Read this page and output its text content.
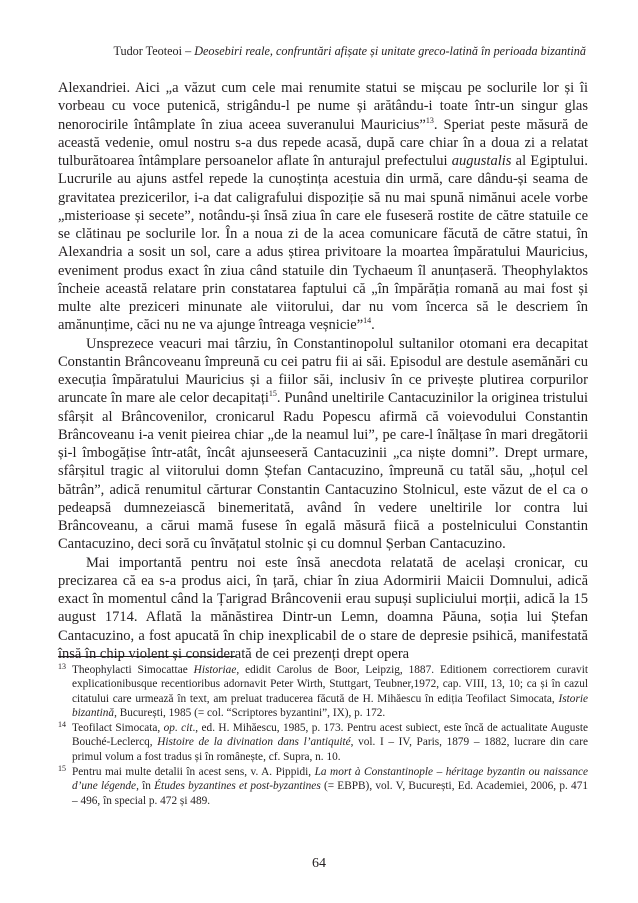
Tudor Teoteoi – Deosebiri reale, confruntări afișate și unitate greco-latină în perioada bizantină

Alexandriei. Aici „a văzut cum cele mai renumite statui se mișcau pe soclurile lor și îi vorbeau cu voce putenică, strigându-l pe nume și arătându-i toate într-un singur glas nenorocirile întâmplate în ziua aceea suveranului Mauricius”$^{13}$. Speriat peste măsură de această vedenie, omul nostru s-a dus repede acasă, după care chiar în a doua zi a relatat tulburătoarea întâmplare persoanelor aflate în anturajul prefectului augustalis al Egiptului. Lucrurile au ajuns astfel repede la cunoștința acestuia din urmă, care dându-și seama de gravitatea prezicerilor, i-a dat caligrafului dispoziție să nu mai spună nimănui acele vorbe „misterioase și secete”, notându-și însă ziua în care ele fuseseră rostite de către statuile ce se clătinau pe soclurile lor. În a noua zi de la acea comunicare făcută de către statui, în Alexandria a sosit un sol, care a adus știrea privitoare la moartea împăratului Mauricius, eveniment produs exact în ziua când statuile din Tychaeum îl anunțaseră. Theophylaktos încheie această relatare prin constatarea faptului că „în împărăția romană au mai fost și multe alte preziceri minunate ale viitorului, dar nu vom încerca să le descriem în amănunțime, căci nu ne va ajunge întreaga veșnicie”$^{14}$.

Unsprezece veacuri mai târziu, în Constantinopolul sultanilor otomani era decapitat Constantin Brâncoveanu împreună cu cei patru fii ai săi. Episodul are destule asemănări cu execuția împăratului Mauricius și a fiilor săi, inclusiv în ce privește plutirea corpurilor aruncate în mare ale celor decapitați$^{15}$. Punând uneltirile Cantacuzinilor la originea tristului sfârșit al Brâncovenilor, cronicarul Radu Popescu afirmă că voievodului Constantin Brâncoveanu i-a venit pieirea chiar „de la neamul lui”, pe care-l înălțase în mari dregătorii și-l îmbogățise într-atât, încât ajunseeseră Cantacuzinii „ca niște domni”. Drept urmare, sfârșitul tragic al viitorului domn Ștefan Cantacuzino, împreună cu tatăl său, „hoțul cel bătrân”, adică renumitul cărturar Constantin Cantacuzino Stolnicul, este văzut de el ca o pedeapsă dumnezeiască binemeritată, având în vedere uneltirile lor contra lui Brâncoveanu, a cărui mamă fusese în egală măsură fiică a postelnicului Constantin Cantacuzino, deci soră cu învățatul stolnic și cu domnul Șerban Cantacuzino.

Mai importantă pentru noi este însă anecdota relatată de același cronicar, cu precizarea că ea s-a produs aici, în țară, chiar în ziua Adormirii Maicii Domnului, adică exact în momentul când la Țarigrad Brâncovenii erau supuși supliciului morții, adică la 15 august 1714. Aflată la mănăstirea Dintr-un Lemn, doamna Păuna, soția lui Ștefan Cantacuzino, a fost apucată în chip inexplicabil de o stare de depresie psihică, manifestată însă în chip violent și considerată de cei prezenți drept opera

13 Theophylacti Simocattae Historiae, edidit Carolus de Boor, Leipzig, 1887. Editionem correctiorem curavit explicationibusque recentioribus adornavit Peter Wirth, Stuttgart, Teubner,1972, cap. VIII, 13, 10; ca și în cazul citatului care urmează în text, am preluat traducerea făcută de H. Mihăescu în ediția Teofilact Simocata, Istorie bizantină, București, 1985 (= col. “Scriptores byzantini”, IX), p. 172.
14 Teofilact Simocata, op. cit., ed. H. Mihăescu, 1985, p. 173. Pentru acest subiect, este încă de actualitate Auguste Bouché-Leclercq, Histoire de la divination dans l’antiquité, vol. I – IV, Paris, 1879 – 1882, lucrare din care primul volum a fost tradus și în românește, cf. Supra, n. 10.
15 Pentru mai multe detalii în acest sens, v. A. Pippidi, La mort à Constantinople – héritage byzantin ou naissance d’une légende, în Études byzantines et post-byzantines (= EBPB), vol. V, București, Ed. Academiei, 2006, p. 471 – 496, în special p. 472 și 489.
64
